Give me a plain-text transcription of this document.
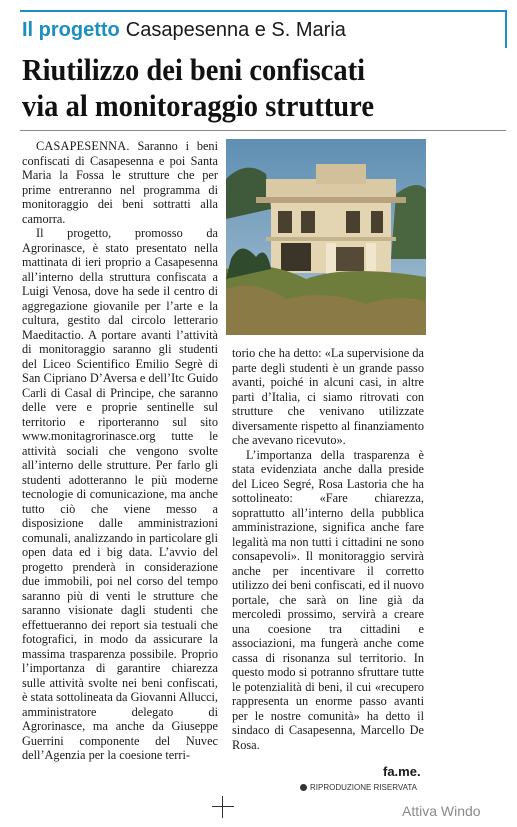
Il progetto Casapesenna e S. Maria
Riutilizzo dei beni confiscati
via al monitoraggio strutture

CASAPESENNA. Saranno i beni confiscati di Casapesenna e poi Santa Maria la Fossa le strutture che per prime entreranno nel programma di monitoraggio dei beni sottratti alla camorra.

Il progetto, promosso da Agrorinasce, è stato presentato nella mattinata di ieri proprio a Casapesenna all’interno della struttura confiscata a Luigi Venosa, dove ha sede il centro di aggregazione giovanile per l’arte e la cultura, gestito dal circolo letterario Maeditactio. A portare avanti l’attività di monitoraggio saranno gli studenti del Liceo Scientifico Emilio Segrè di San Cipriano D’Aversa e dell’Itc Guido Carli di Casal di Principe, che saranno delle vere e proprie sentinelle sul territorio e riporteranno sul sito www.monitagrorinasce.org tutte le attività sociali che vengono svolte all’interno delle strutture. Per farlo gli studenti adotteranno le più moderne tecnologie di comunicazione, ma anche tutto ciò che viene messo a disposizione dalle amministrazioni comunali, analizzando in particolare gli open data ed i big data. L’avvio del progetto prenderà in considerazione due immobili, poi nel corso del tempo saranno più di venti le strutture che saranno visionate dagli studenti che effettueranno dei report sia testuali che fotografici, in modo da assicurare la massima trasparenza possibile. Proprio l’importanza di garantire chiarezza sulle attività svolte nei beni confiscati, è stata sottolineata da Giovanni Allucci, amministratore delegato di Agrorinasce, ma anche da Giuseppe Guerrini componente del Nuvec dell’Agenzia per la coesione terri-

torio che ha detto: «La supervisione da parte degli studenti è un grande passo avanti, poiché in alcuni casi, in altre parti d’Italia, ci siamo ritrovati con strutture che venivano utilizzate diversamente rispetto al finanziamento che avevano ricevuto».

L’importanza della trasparenza è stata evidenziata anche dalla preside del Liceo Segré, Rosa Lastoria che ha sottolineato: «Fare chiarezza, soprattutto all’interno della pubblica amministrazione, significa anche fare legalità ma non tutti i cittadini ne sono consapevoli». Il monitoraggio servirà anche per incentivare il corretto utilizzo dei beni confiscati, ed il nuovo portale, che sarà on line già da mercoledì prossimo, servirà a creare una coesione tra cittadini e associazioni, ma fungerà anche come cassa di risonanza sul territorio. In questo modo si potranno sfruttare tutte le potenzialità di beni, il cui «recupero rappresenta un enorme passo avanti per le nostre comunità» ha detto il sindaco di Casapesenna, Marcello De Rosa.

fa.me.
RIPRODUZIONE RISERVATA
Attiva Windo
